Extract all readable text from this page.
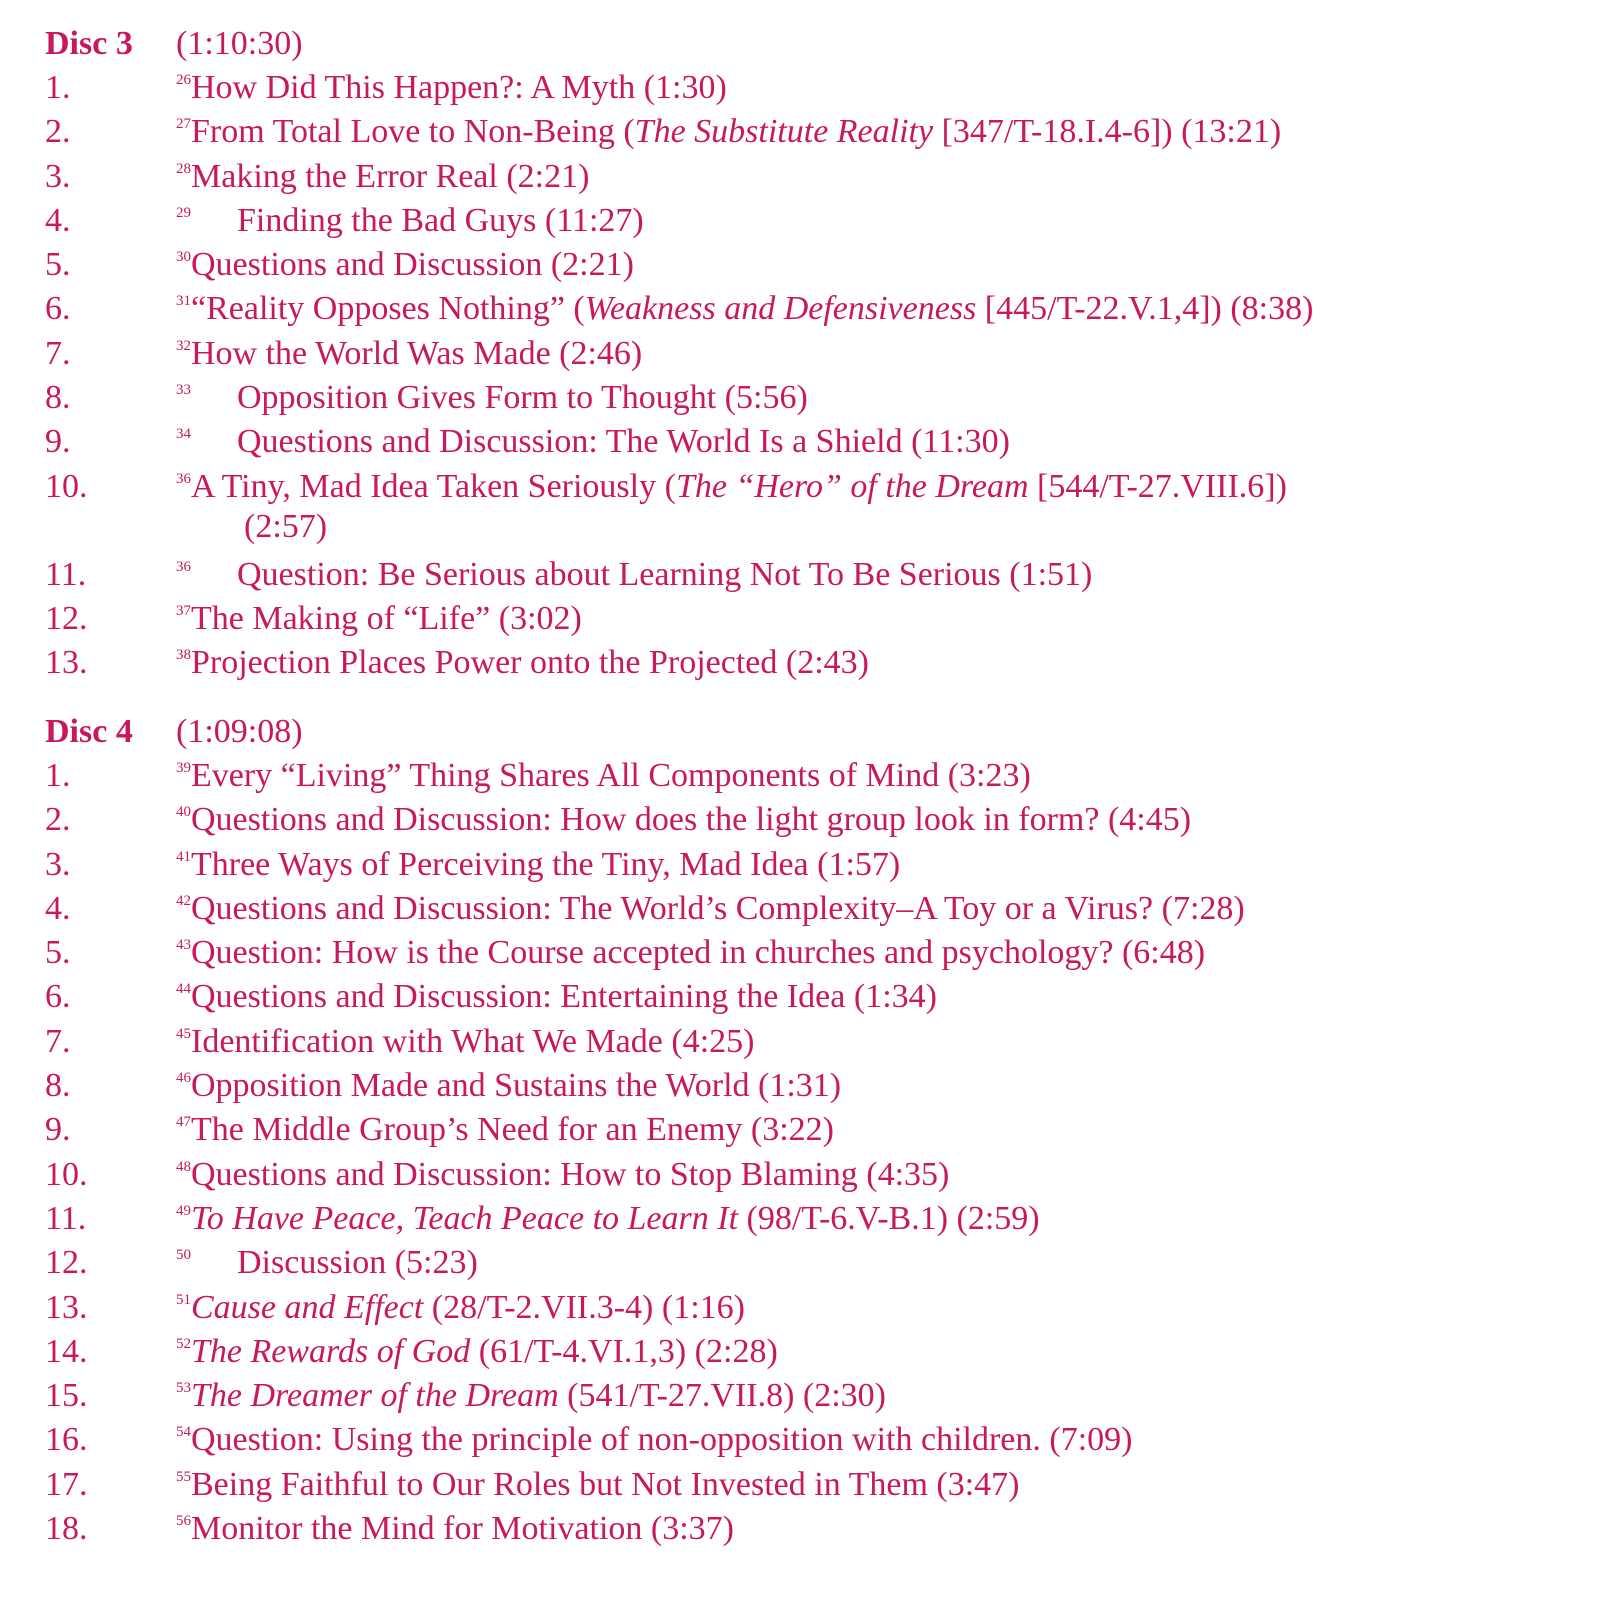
Disc 3 (1:10:30)
1.	$^{26}$How Did This Happen?: A Myth (1:30)
2.	$^{27}$From Total Love to Non-Being (The Substitute Reality [347/T-18.I.4-6]) (13:21)
3.	$^{28}$Making the Error Real (2:21)
4.	$^{29}$ Finding the Bad Guys (11:27)
5.	$^{30}$Questions and Discussion (2:21)
6.	$^{31}$“Reality Opposes Nothing” (Weakness and Defensiveness [445/T-22.V.1,4]) (8:38)
7.	$^{32}$How the World Was Made (2:46)
8.	$^{33}$ Opposition Gives Form to Thought (5:56)
9.	$^{34}$ Questions and Discussion: The World Is a Shield (11:30)
10.	$^{36}$A Tiny, Mad Idea Taken Seriously (The “Hero” of the Dream [544/T-27.VIII.6])
(2:57)
11.	$^{36}$ Question: Be Serious about Learning Not To Be Serious (1:51)
12.	$^{37}$The Making of “Life” (3:02)
13.	$^{38}$Projection Places Power onto the Projected (2:43)
Disc 4 (1:09:08)
1.	$^{39}$Every “Living” Thing Shares All Components of Mind (3:23)
2.	$^{40}$Questions and Discussion: How does the light group look in form? (4:45)
3.	$^{41}$Three Ways of Perceiving the Tiny, Mad Idea (1:57)
4.	$^{42}$Questions and Discussion: The World’s Complexity–A Toy or a Virus? (7:28)
5.	$^{43}$Question: How is the Course accepted in churches and psychology? (6:48)
6.	$^{44}$Questions and Discussion: Entertaining the Idea (1:34)
7.	$^{45}$Identification with What We Made (4:25)
8.	$^{46}$Opposition Made and Sustains the World (1:31)
9.	$^{47}$The Middle Group’s Need for an Enemy (3:22)
10.	$^{48}$Questions and Discussion: How to Stop Blaming (4:35)
11.	$^{49}$To Have Peace, Teach Peace to Learn It (98/T-6.V-B.1) (2:59)
12.	$^{50}$ Discussion (5:23)
13.	$^{51}$Cause and Effect (28/T-2.VII.3-4) (1:16)
14.	$^{52}$The Rewards of God (61/T-4.VI.1,3) (2:28)
15.	$^{53}$The Dreamer of the Dream (541/T-27.VII.8) (2:30)
16.	$^{54}$Question: Using the principle of non-opposition with children. (7:09)
17.	$^{55}$Being Faithful to Our Roles but Not Invested in Them (3:47)
18.	$^{56}$Monitor the Mind for Motivation (3:37)
